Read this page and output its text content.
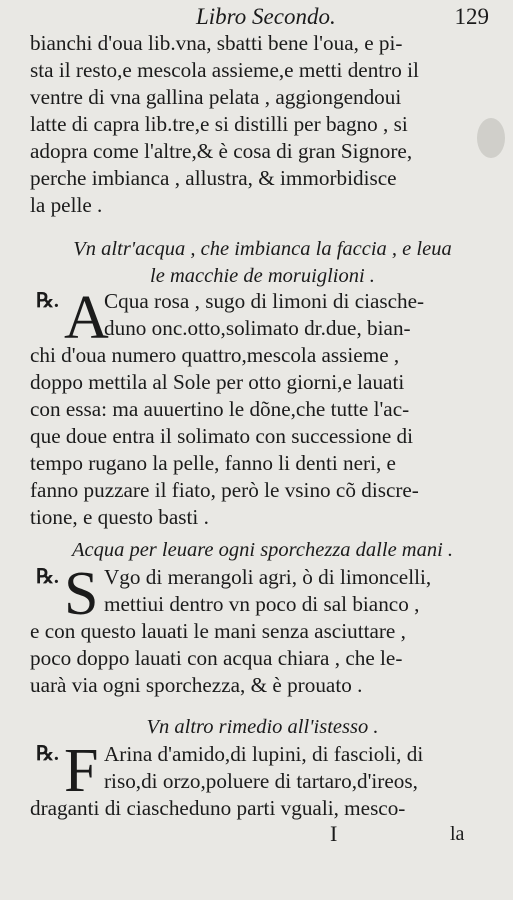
Libro Secondo.	129
bianchi d'oua lib.vna, sbatti bene l'oua, e pi-
sta il resto,e mescola assieme,e metti dentro il
ventre di vna gallina pelata , aggiongendoui
latte di capra lib.tre,e si distilli per bagno , si
adopra come l'altre,& è cosa di gran Signore,
perche imbianca , allustra, & immorbidisce
la pelle .
Vn altr'acqua , che imbianca la faccia , e leua
le macchie de moruiglioni .
℞. A
Cqua rosa , sugo di limoni di ciasche-
duno onc.otto,solimato dr.due, bian-
chi d'oua numero quattro,mescola assieme ,
doppo mettila al Sole per otto giorni,e lauati
con essa: ma auuertino le dõne,che tutte l'ac-
que doue entra il solimato con successione di
tempo rugano la pelle, fanno li denti neri, e
fanno puzzare il fiato, però le vsino cõ discre-
tione, e questo basti .
Acqua per leuare ogni sporchezza dalle mani .
℞. S Vgo di merangoli agri, ò di limoncelli,
mettiui dentro vn poco di sal bianco ,
e con questo lauati le mani senza asciuttare ,
poco doppo lauati con acqua chiara , che le-
uarà via ogni sporchezza, & è prouato .
Vn altro rimedio all'istesso .
℞. F Arina d'amido,di lupini, di fascioli, di
riso,di orzo,poluere di tartaro,d'ireos,
draganti di ciascheduno parti vguali, mesco-
I	la
